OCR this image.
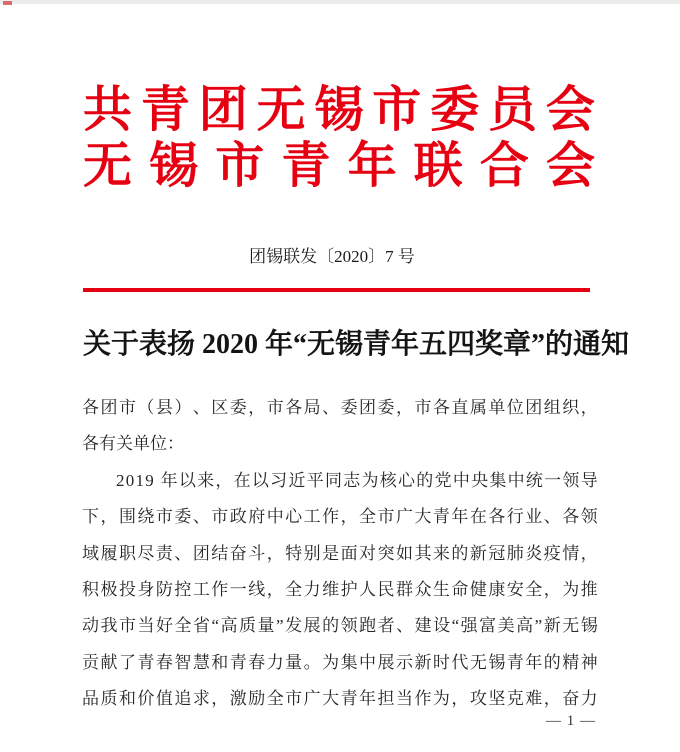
共 青 团 无 锡 市 委 员 会
无 锡 市 青 年 联 合 会
团锡联发〔2020〕7 号
关于表扬 2020 年“无锡青年五四奖章”的通知
各 团 市 （ 县 ） 、 区 委 ， 市 各 局 、 委 团 委 ， 市 各 直 属 单 位 团 组 织 ，
各有关单位：
2 0 1 9
年 以 来 ， 在 以 习 近 平 同 志 为 核 心 的 党 中 央 集 中 统 一 领 导
下 ， 围 绕 市 委 、 市 政 府 中 心 工 作 ， 全 市 广 大 青 年 在 各 行 业 、 各 领
域 履 职 尽 责 、 团 结 奋 斗 ， 特 别 是 面 对 突 如 其 来 的 新 冠 肺 炎 疫 情 ，
积 极 投 身 防 控 工 作 一 线 ， 全 力 维 护 人 民 群 众 生 命 健 康 安 全 ， 为 推
动 我 市 当 好 全 省 “ 高 质 量 ” 发 展 的 领 跑 者 、 建 设 “ 强 富 美 高 ” 新 无 锡
贡 献 了 青 春 智 慧 和 青 春 力 量 。 为 集 中 展 示 新 时 代 无 锡 青 年 的 精 神
品 质 和 价 值 追 求 ， 激 励 全 市 广 大 青 年 担 当 作 为 ， 攻 坚 克 难 ， 奋 力
— 1 —
